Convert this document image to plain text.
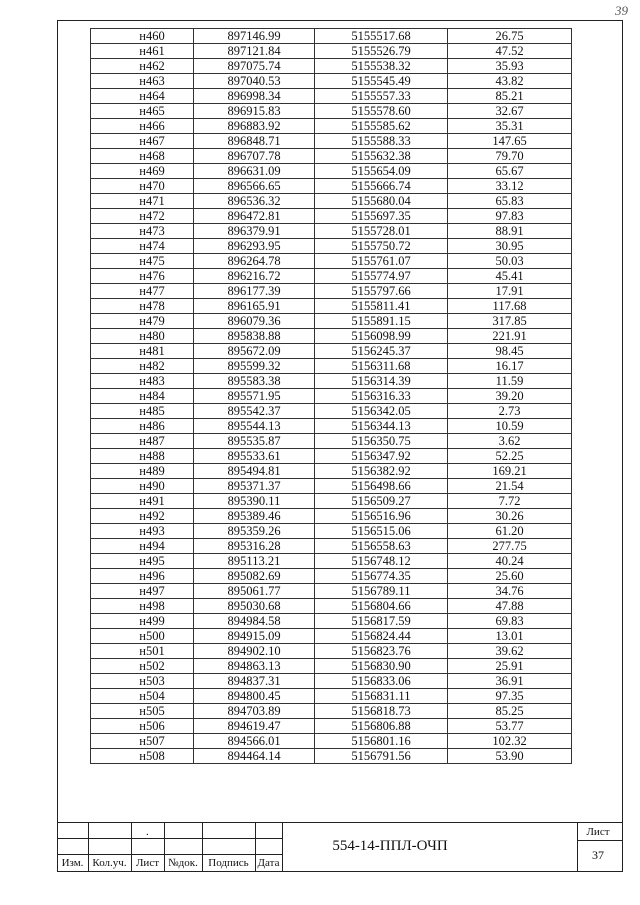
39
н460	897146.99	5155517.68	26.75
н461	897121.84	5155526.79	47.52
н462	897075.74	5155538.32	35.93
н463	897040.53	5155545.49	43.82
н464	896998.34	5155557.33	85.21
н465	896915.83	5155578.60	32.67
н466	896883.92	5155585.62	35.31
н467	896848.71	5155588.33	147.65
н468	896707.78	5155632.38	79.70
н469	896631.09	5155654.09	65.67
н470	896566.65	5155666.74	33.12
н471	896536.32	5155680.04	65.83
н472	896472.81	5155697.35	97.83
н473	896379.91	5155728.01	88.91
н474	896293.95	5155750.72	30.95
н475	896264.78	5155761.07	50.03
н476	896216.72	5155774.97	45.41
н477	896177.39	5155797.66	17.91
н478	896165.91	5155811.41	117.68
н479	896079.36	5155891.15	317.85
н480	895838.88	5156098.99	221.91
н481	895672.09	5156245.37	98.45
н482	895599.32	5156311.68	16.17
н483	895583.38	5156314.39	11.59
н484	895571.95	5156316.33	39.20
н485	895542.37	5156342.05	2.73
н486	895544.13	5156344.13	10.59
н487	895535.87	5156350.75	3.62
н488	895533.61	5156347.92	52.25
н489	895494.81	5156382.92	169.21
н490	895371.37	5156498.66	21.54
н491	895390.11	5156509.27	7.72
н492	895389.46	5156516.96	30.26
н493	895359.26	5156515.06	61.20
н494	895316.28	5156558.63	277.75
н495	895113.21	5156748.12	40.24
н496	895082.69	5156774.35	25.60
н497	895061.77	5156789.11	34.76
н498	895030.68	5156804.66	47.88
н499	894984.58	5156817.59	69.83
н500	894915.09	5156824.44	13.01
н501	894902.10	5156823.76	39.62
н502	894863.13	5156830.90	25.91
н503	894837.31	5156833.06	36.91
н504	894800.45	5156831.11	97.35
н505	894703.89	5156818.73	85.25
н506	894619.47	5156806.88	53.77
н507	894566.01	5156801.16	102.32
н508	894464.14	5156791.56	53.90
Изм. Кол.уч. Лист №док. Подпись Дата
.
554-14-ППЛ-ОЧП
Лист
37
